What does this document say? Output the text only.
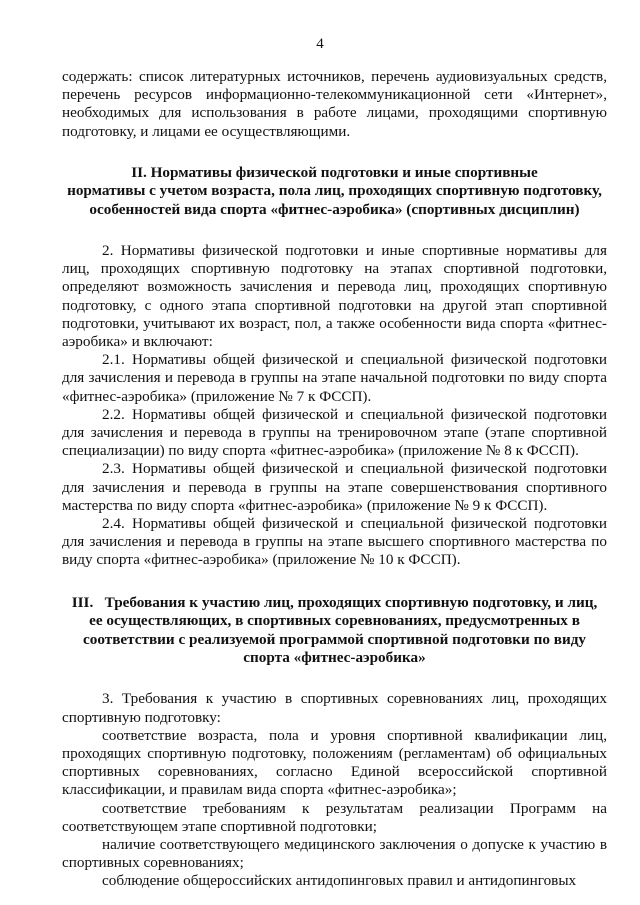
4

содержать: список литературных источников, перечень аудиовизуальных средств, перечень ресурсов информационно-телекоммуникационной сети «Интернет», необходимых для использования в работе лицами, проходящими спортивную подготовку, и лицами ее осуществляющими.

II. Нормативы физической подготовки и иные спортивные

нормативы с учетом возраста, пола лиц, проходящих спортивную подготовку,

особенностей вида спорта «фитнес-аэробика» (спортивных дисциплин)

2. Нормативы физической подготовки и иные спортивные нормативы для лиц, проходящих спортивную подготовку на этапах спортивной подготовки, определяют возможность зачисления и перевода лиц, проходящих спортивную подготовку, с одного этапа спортивной подготовки на другой этап спортивной подготовки, учитывают их возраст, пол, а также особенности вида спорта «фитнес-аэробика» и включают:

2.1. Нормативы общей физической и специальной физической подготовки для зачисления и перевода в группы на этапе начальной подготовки по виду спорта «фитнес-аэробика» (приложение № 7 к ФССП).

2.2. Нормативы общей физической и специальной физической подготовки для зачисления и перевода в группы на тренировочном этапе (этапе спортивной специализации) по виду спорта «фитнес-аэробика» (приложение № 8 к ФССП).

2.3. Нормативы общей физической и специальной физической подготовки для зачисления и перевода в группы на этапе совершенствования спортивного мастерства по виду спорта «фитнес-аэробика» (приложение № 9 к ФССП).

2.4. Нормативы общей физической и специальной физической подготовки для зачисления и перевода в группы на этапе высшего спортивного мастерства по виду спорта «фитнес-аэробика» (приложение № 10 к ФССП).

III.   Требования к участию лиц, проходящих спортивную подготовку, и лиц,

ее осуществляющих, в спортивных соревнованиях, предусмотренных в

соответствии с реализуемой программой спортивной подготовки по виду

спорта «фитнес-аэробика»

3. Требования к участию в спортивных соревнованиях лиц, проходящих спортивную подготовку:

соответствие возраста, пола и уровня спортивной квалификации лиц, проходящих спортивную подготовку, положениям (регламентам) об официальных спортивных соревнованиях, согласно Единой всероссийской спортивной классификации, и правилам вида спорта «фитнес-аэробика»;

соответствие требованиям к результатам реализации Программ на соответствующем этапе спортивной подготовки;

наличие соответствующего медицинского заключения о допуске к участию в спортивных соревнованиях;

соблюдение общероссийских антидопинговых правил и антидопинговых
